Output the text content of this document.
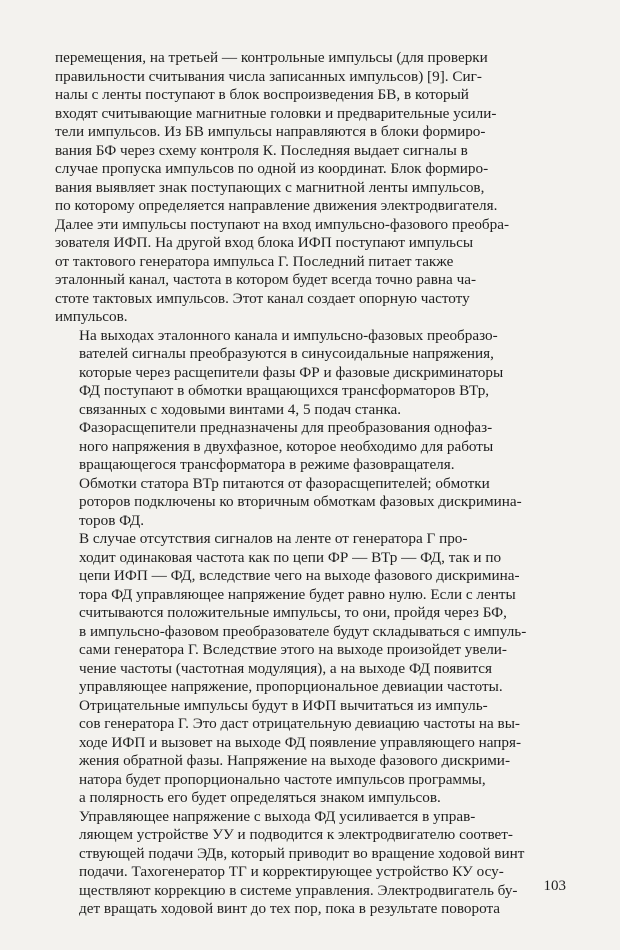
перемещения, на третьей — контрольные импульсы (для проверки
правильности считывания числа записанных импульсов) [9]. Сиг-
налы с ленты поступают в блок воспроизведения БВ, в который
входят считывающие магнитные головки и предварительные усили-
тели импульсов. Из БВ импульсы направляются в блоки формиро-
вания БФ через схему контроля К. Последняя выдает сигналы в
случае пропуска импульсов по одной из координат. Блок формиро-
вания выявляет знак поступающих с магнитной ленты импульсов,
по которому определяется направление движения электродвигателя.
Далее эти импульсы поступают на вход импульсно-фазового преобра-
зователя ИФП. На другой вход блока ИФП поступают импульсы
от тактового генератора импульса Г. Последний питает также
эталонный канал, частота в котором будет всегда точно равна ча-
стоте тактовых импульсов. Этот канал создает опорную частоту
импульсов.

На выходах эталонного канала и импульсно-фазовых преобразо-
вателей сигналы преобразуются в синусоидальные напряжения,
которые через расщепители фазы ФР и фазовые дискриминаторы
ФД поступают в обмотки вращающихся трансформаторов ВТр,
связанных с ходовыми винтами 4, 5 подач станка.

Фазорасщепители предназначены для преобразования однофаз-
ного напряжения в двухфазное, которое необходимо для работы
вращающегося трансформатора в режиме фазовращателя.

Обмотки статора ВТр питаются от фазорасщепителей; обмотки
роторов подключены ко вторичным обмоткам фазовых дискримина-
торов ФД.

В случае отсутствия сигналов на ленте от генератора Г про-
ходит одинаковая частота как по цепи ФР — ВТр — ФД, так и по
цепи ИФП — ФД, вследствие чего на выходе фазового дискримина-
тора ФД управляющее напряжение будет равно нулю. Если с ленты
считываются положительные импульсы, то они, пройдя через БФ,
в импульсно-фазовом преобразователе будут складываться с импуль-
сами генератора Г. Вследствие этого на выходе произойдет увели-
чение частоты (частотная модуляция), а на выходе ФД появится
управляющее напряжение, пропорциональное девиации частоты.

Отрицательные импульсы будут в ИФП вычитаться из импуль-
сов генератора Г. Это даст отрицательную девиацию частоты на вы-
ходе ИФП и вызовет на выходе ФД появление управляющего напря-
жения обратной фазы. Напряжение на выходе фазового дискрими-
натора будет пропорционально частоте импульсов программы,
а полярность его будет определяться знаком импульсов.

Управляющее напряжение с выхода ФД усиливается в управ-
ляющем устройстве УУ и подводится к электродвигателю соответ-
ствующей подачи ЭДв, который приводит во вращение ходовой винт
подачи. Тахогенератор ТГ и корректирующее устройство КУ осу-
ществляют коррекцию в системе управления. Электродвигатель бу-
дет вращать ходовой винт до тех пор, пока в результате поворота

103
